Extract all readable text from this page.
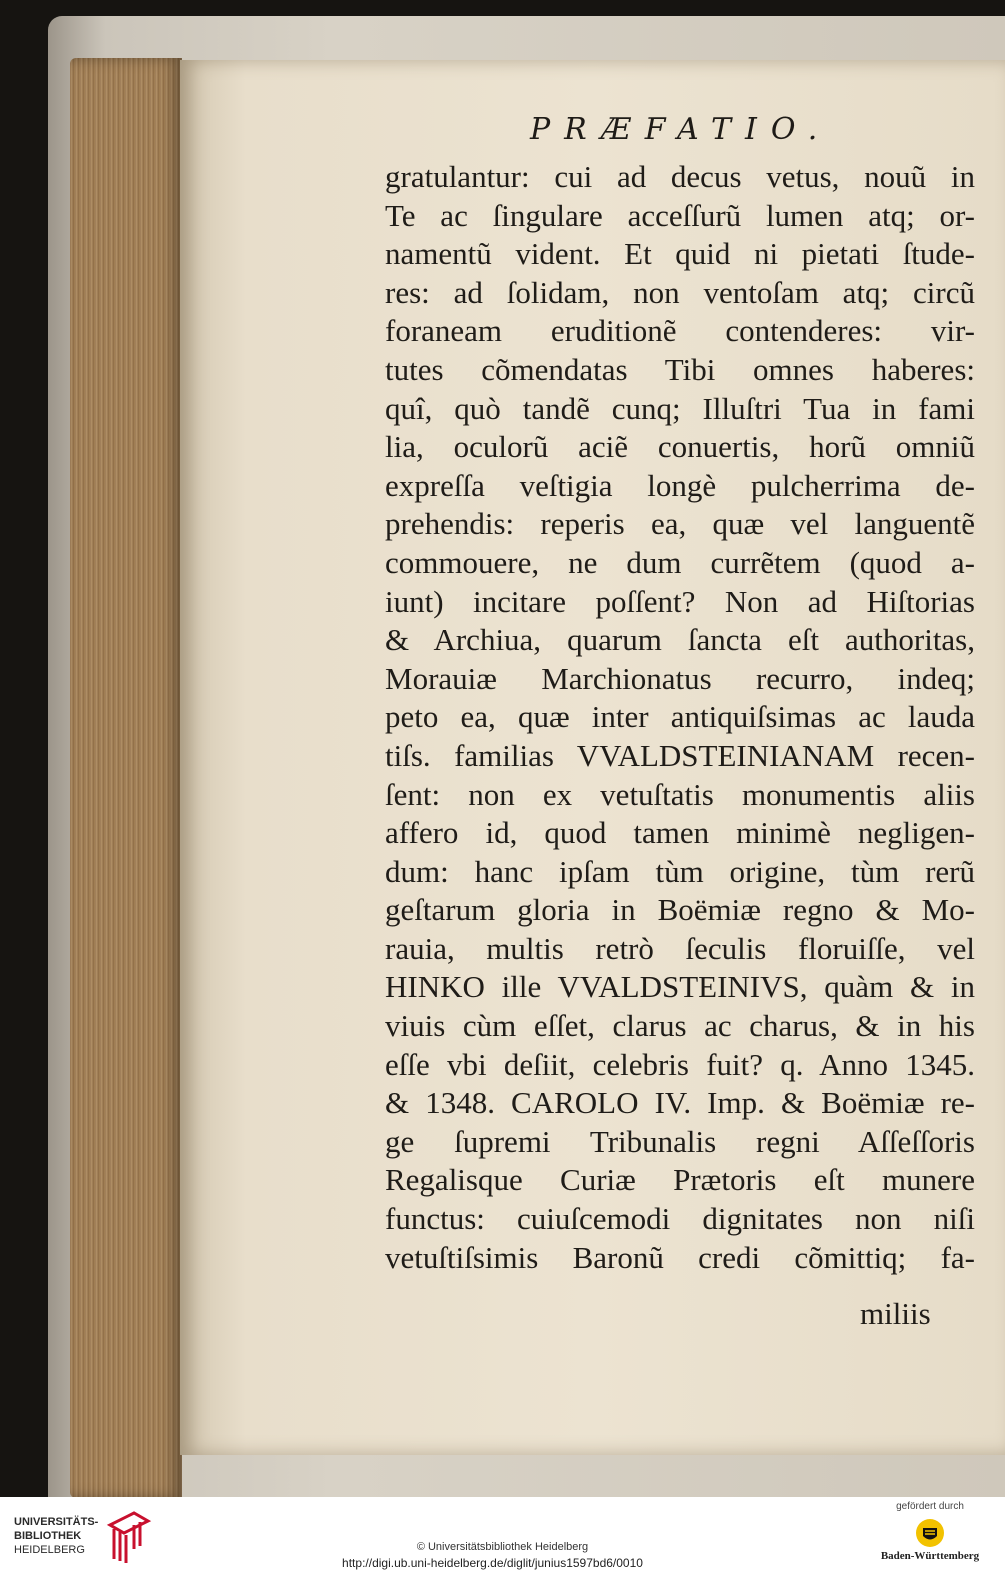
PRÆFATIO.
gratulantur: cui ad decus vetus, nouũ in
Te ac ſingulare acceſſurũ lumen atq; or-
namentũ vident. Et quid ni pietati ſtude-
res: ad ſolidam, non ventoſam atq; circũ
foraneam eruditionẽ contenderes: vir-
tutes cõmendatas Tibi omnes haberes:
quî, quò tandẽ cunq; Illuſtri Tua in fami
lia, oculorũ aciẽ conuertis, horũ omniũ
expreſſa veſtigia longè pulcherrima de-
prehendis: reperis ea, quæ vel languentẽ
commouere, ne dum currẽtem (quod a-
iunt) incitare poſſent? Non ad Hiſtorias
& Archiua, quarum ſancta eſt authoritas,
Morauiæ Marchionatus recurro, indeq;
peto ea, quæ inter antiquiſsimas ac lauda
tiſs. familias VVALDSTEINIANAM recen-
ſent: non ex vetuſtatis monumentis aliis
affero id, quod tamen minimè negligen-
dum: hanc ipſam tùm origine, tùm rerũ
geſtarum gloria in Boëmiæ regno & Mo-
rauia, multis retrò ſeculis floruiſſe, vel
HINKO ille VVALDSTEINIVS, quàm & in
viuis cùm eſſet, clarus ac charus, & in his
eſſe vbi deſiit, celebris fuit? q. Anno 1345.
& 1348. CAROLO IV. Imp. & Boëmiæ re-
ge ſupremi Tribunalis regni Aſſeſſoris
Regalisque Curiæ Prætoris eſt munere
functus: cuiuſcemodi dignitates non niſi
vetuſtiſsimis Baronũ credi cõmittiq; fa-
miliis
UNIVERSITÄTS-
BIBLIOTHEK
HEIDELBERG	© Universitätsbibliothek Heidelberg
http://digi.ub.uni-heidelberg.de/diglit/junius1597bd6/0010
gefördert durch
Baden-Württemberg
